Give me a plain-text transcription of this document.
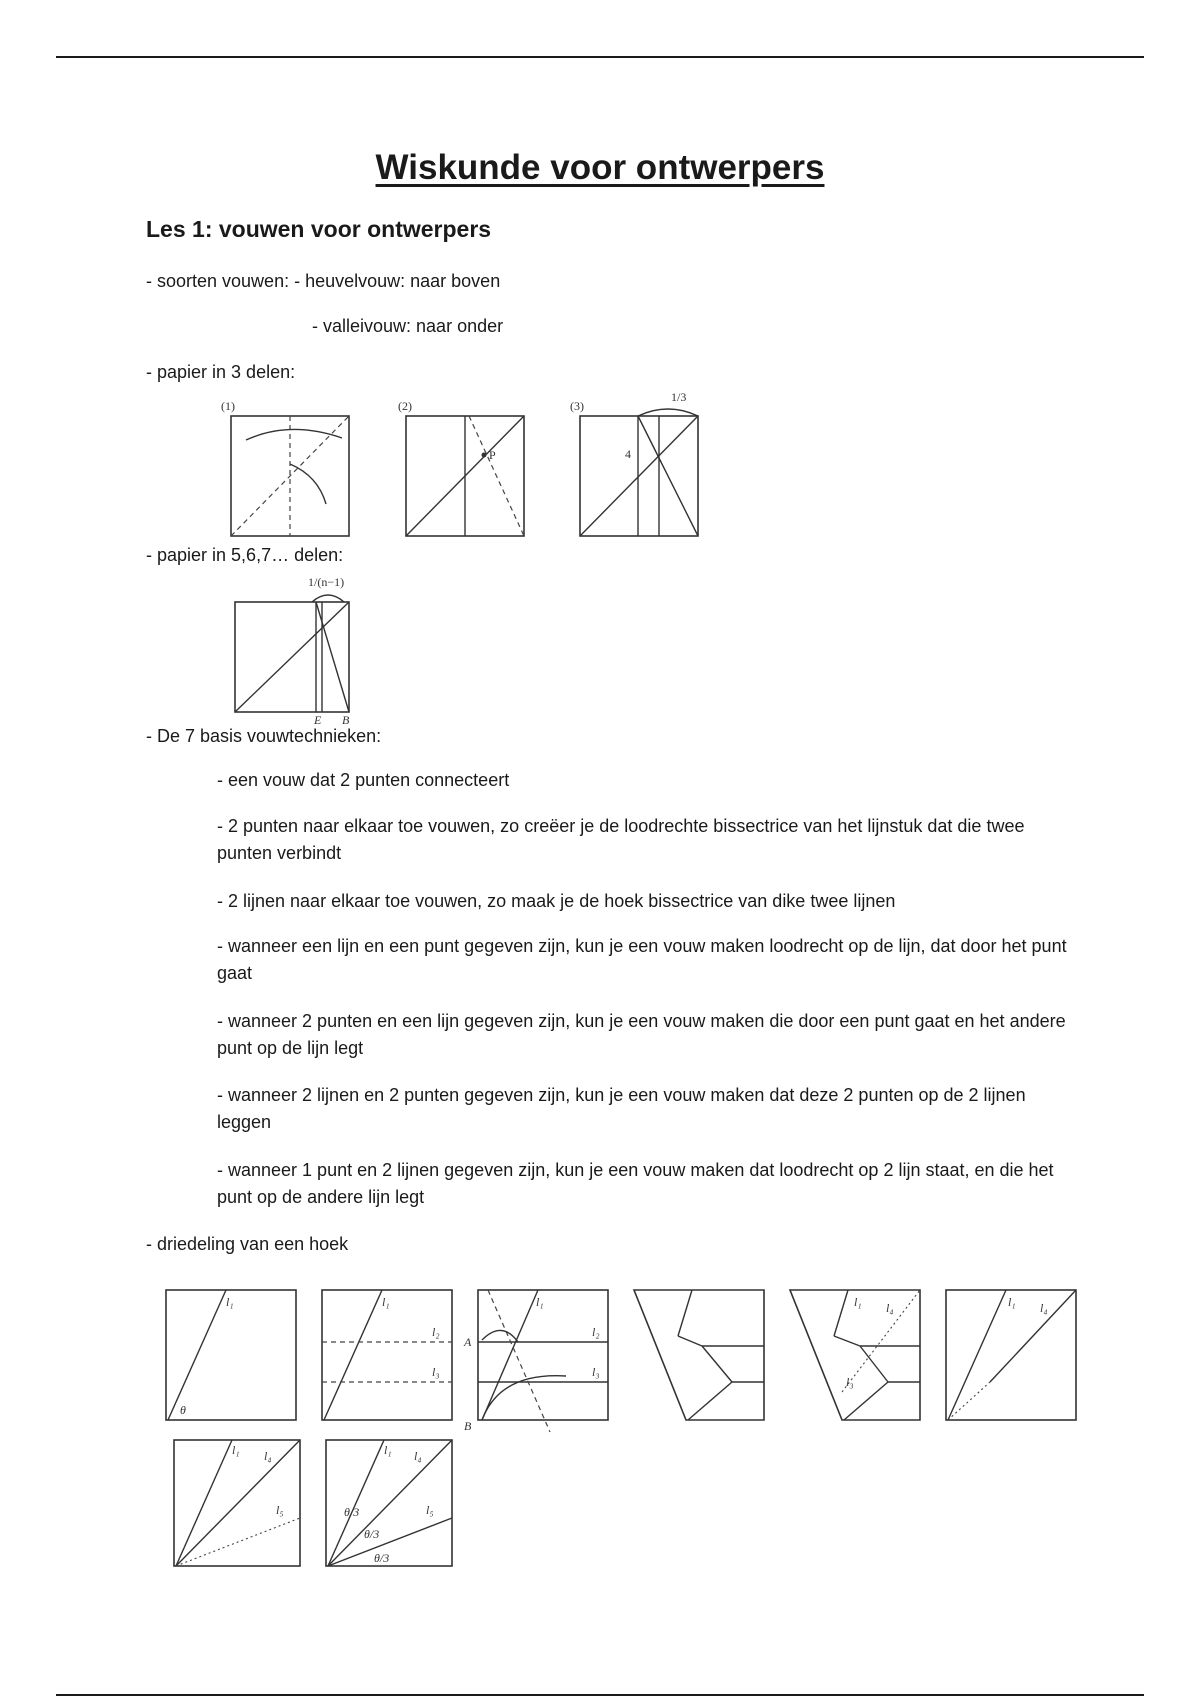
Wiskunde voor ontwerpers
Les 1: vouwen voor ontwerpers
- soorten vouwen: - heuvelvouw: naar boven
- valleivouw: naar onder
- papier in 3 delen:
(1)	(2)
P
(3)
1/3
4
- papier in 5,6,7… delen:
1/(n−1)
E B
- De 7 basis vouwtechnieken:
- een vouw dat 2 punten connecteert
- 2 punten naar elkaar toe vouwen, zo creëer je de loodrechte bissectrice van het lijnstuk dat die twee punten verbindt
- 2 lijnen naar elkaar toe vouwen, zo maak je de hoek bissectrice van dike twee lijnen
- wanneer een lijn en een punt gegeven zijn, kun je een vouw maken loodrecht op de lijn, dat door het punt gaat
- wanneer 2 punten en een lijn gegeven zijn, kun je een vouw maken die door een punt gaat en het andere punt op de lijn legt
- wanneer 2 lijnen en 2 punten gegeven zijn, kun je een vouw maken dat deze 2 punten op de 2 lijnen leggen
- wanneer 1 punt en 2 lijnen gegeven zijn, kun je een vouw maken dat loodrecht op 2 lijn staat, en die het punt op de andere lijn legt
- driedeling van een hoek
l₁
θ
l₁
l₂
l₃
A
B
l₁
l₂
l₃
l₁ l₄
l₃
l₁ l₄
l₁ l₄
l₅
l₁ l₄
l₅
θ/3
θ/3
θ/3
